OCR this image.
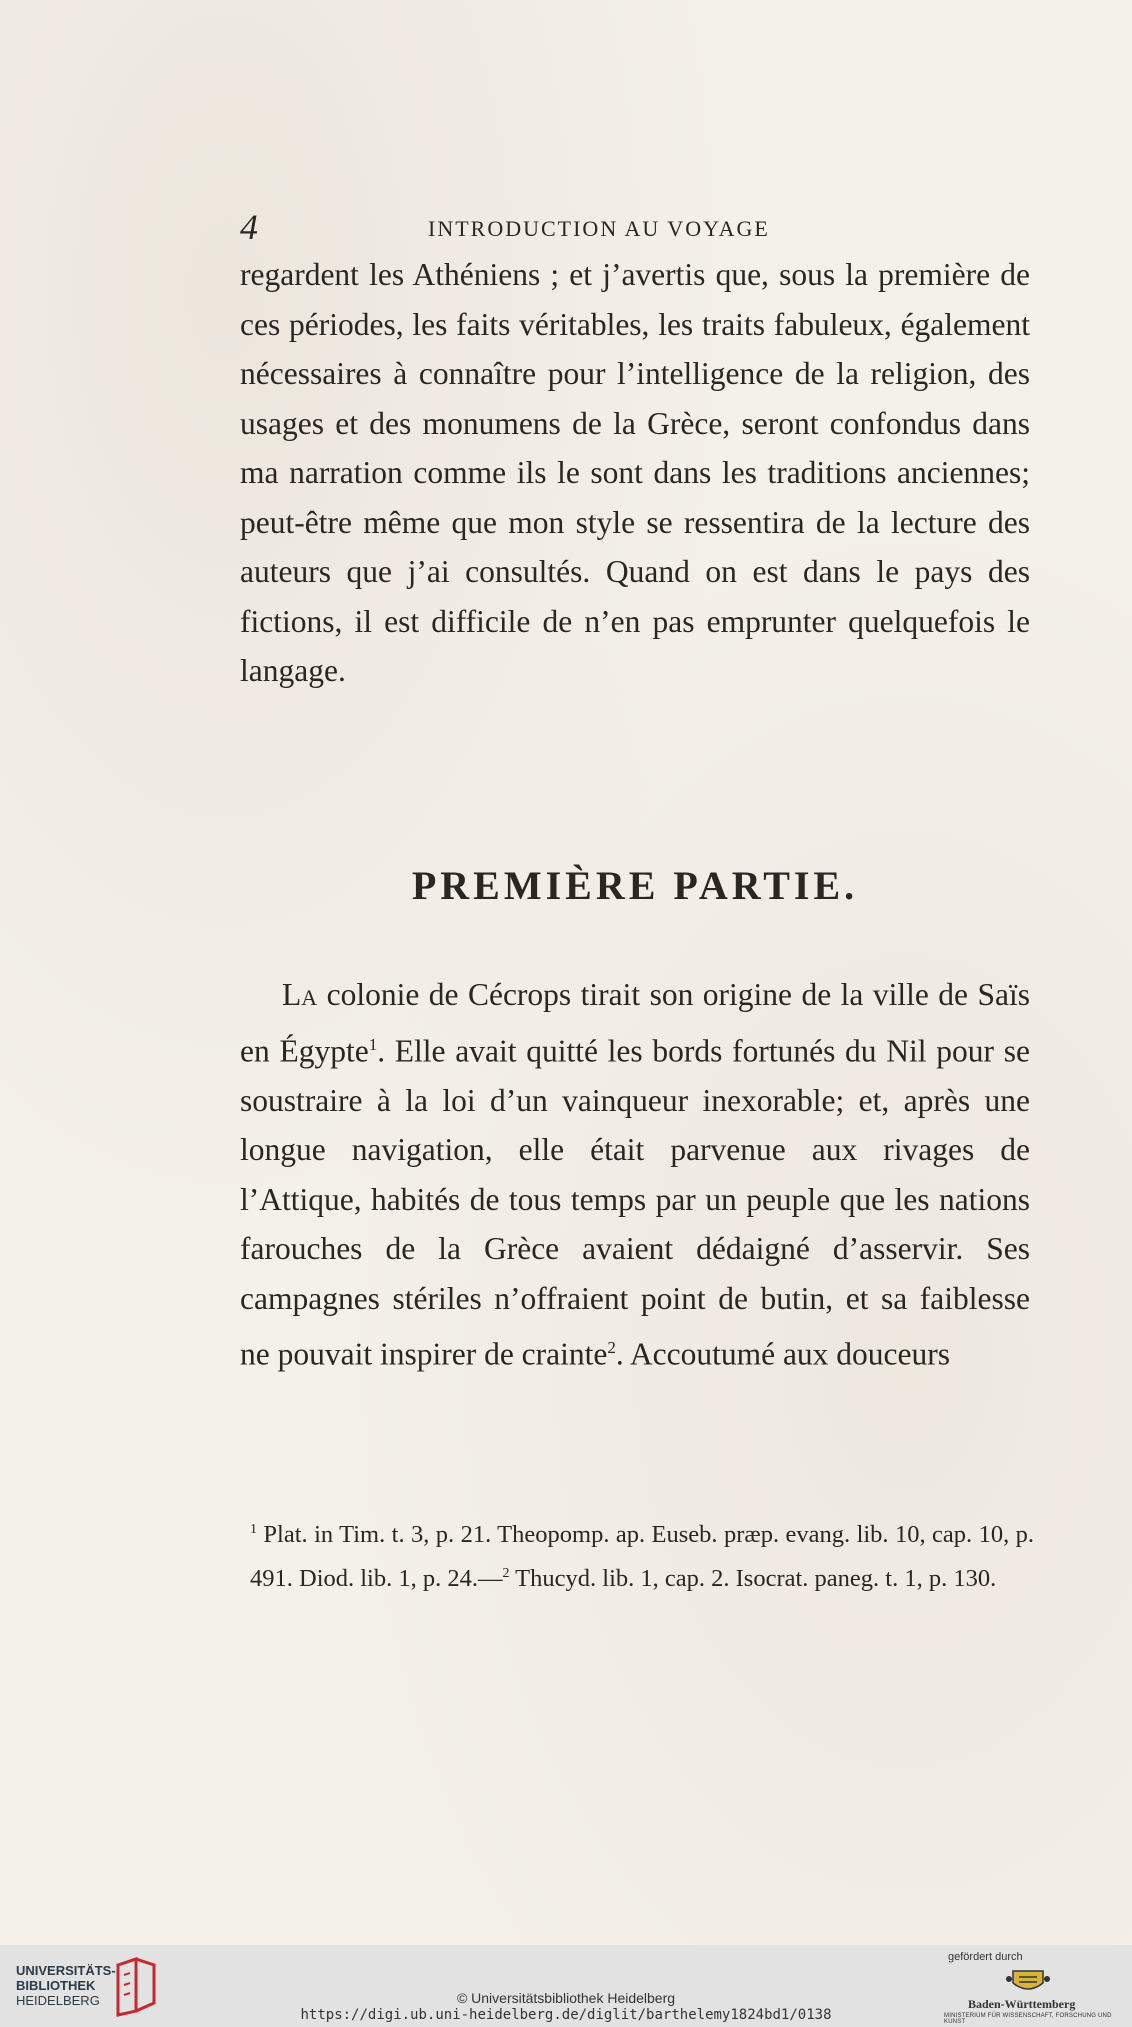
4	INTRODUCTION AU VOYAGE

regardent les Athéniens ; et j’avertis que, sous la première de ces périodes, les faits véritables, les traits fabuleux, également nécessaires à connaître pour l’intelligence de la religion, des usages et des monumens de la Grèce, seront confondus dans ma narration comme ils le sont dans les traditions anciennes; peut-être même que mon style se ressentira de la lecture des auteurs que j’ai consultés. Quand on est dans le pays des fictions, il est difficile de n’en pas emprunter quelquefois le langage.

PREMIÈRE PARTIE.

La colonie de Cécrops tirait son origine de la ville de Saïs en Égypte$^1$. Elle avait quitté les bords fortunés du Nil pour se soustraire à la loi d’un vainqueur inexorable; et, après une longue navigation, elle était parvenue aux rivages de l’Attique, habités de tous temps par un peuple que les nations farouches de la Grèce avaient dédaigné d’asservir. Ses campagnes stériles n’offraient point de butin, et sa faiblesse ne pouvait inspirer de crainte$^2$. Accoutumé aux douceurs

$^1$ Plat. in Tim. t. 3, p. 21. Theopomp. ap. Euseb. præp. evang. lib. 10, cap. 10, p. 491. Diod. lib. 1, p. 24.—$^2$ Thucyd. lib. 1, cap. 2. Isocrat. paneg. t. 1, p. 130.
UNIVERSITÄTS-
BIBLIOTHEK
HEIDELBERG	© Universitätsbibliothek Heidelberg
https://digi.ub.uni-heidelberg.de/diglit/barthelemy1824bd1/0138
gefördert durch
Baden-Württemberg
MINISTERIUM FÜR WISSENSCHAFT, FORSCHUNG UND KUNST
